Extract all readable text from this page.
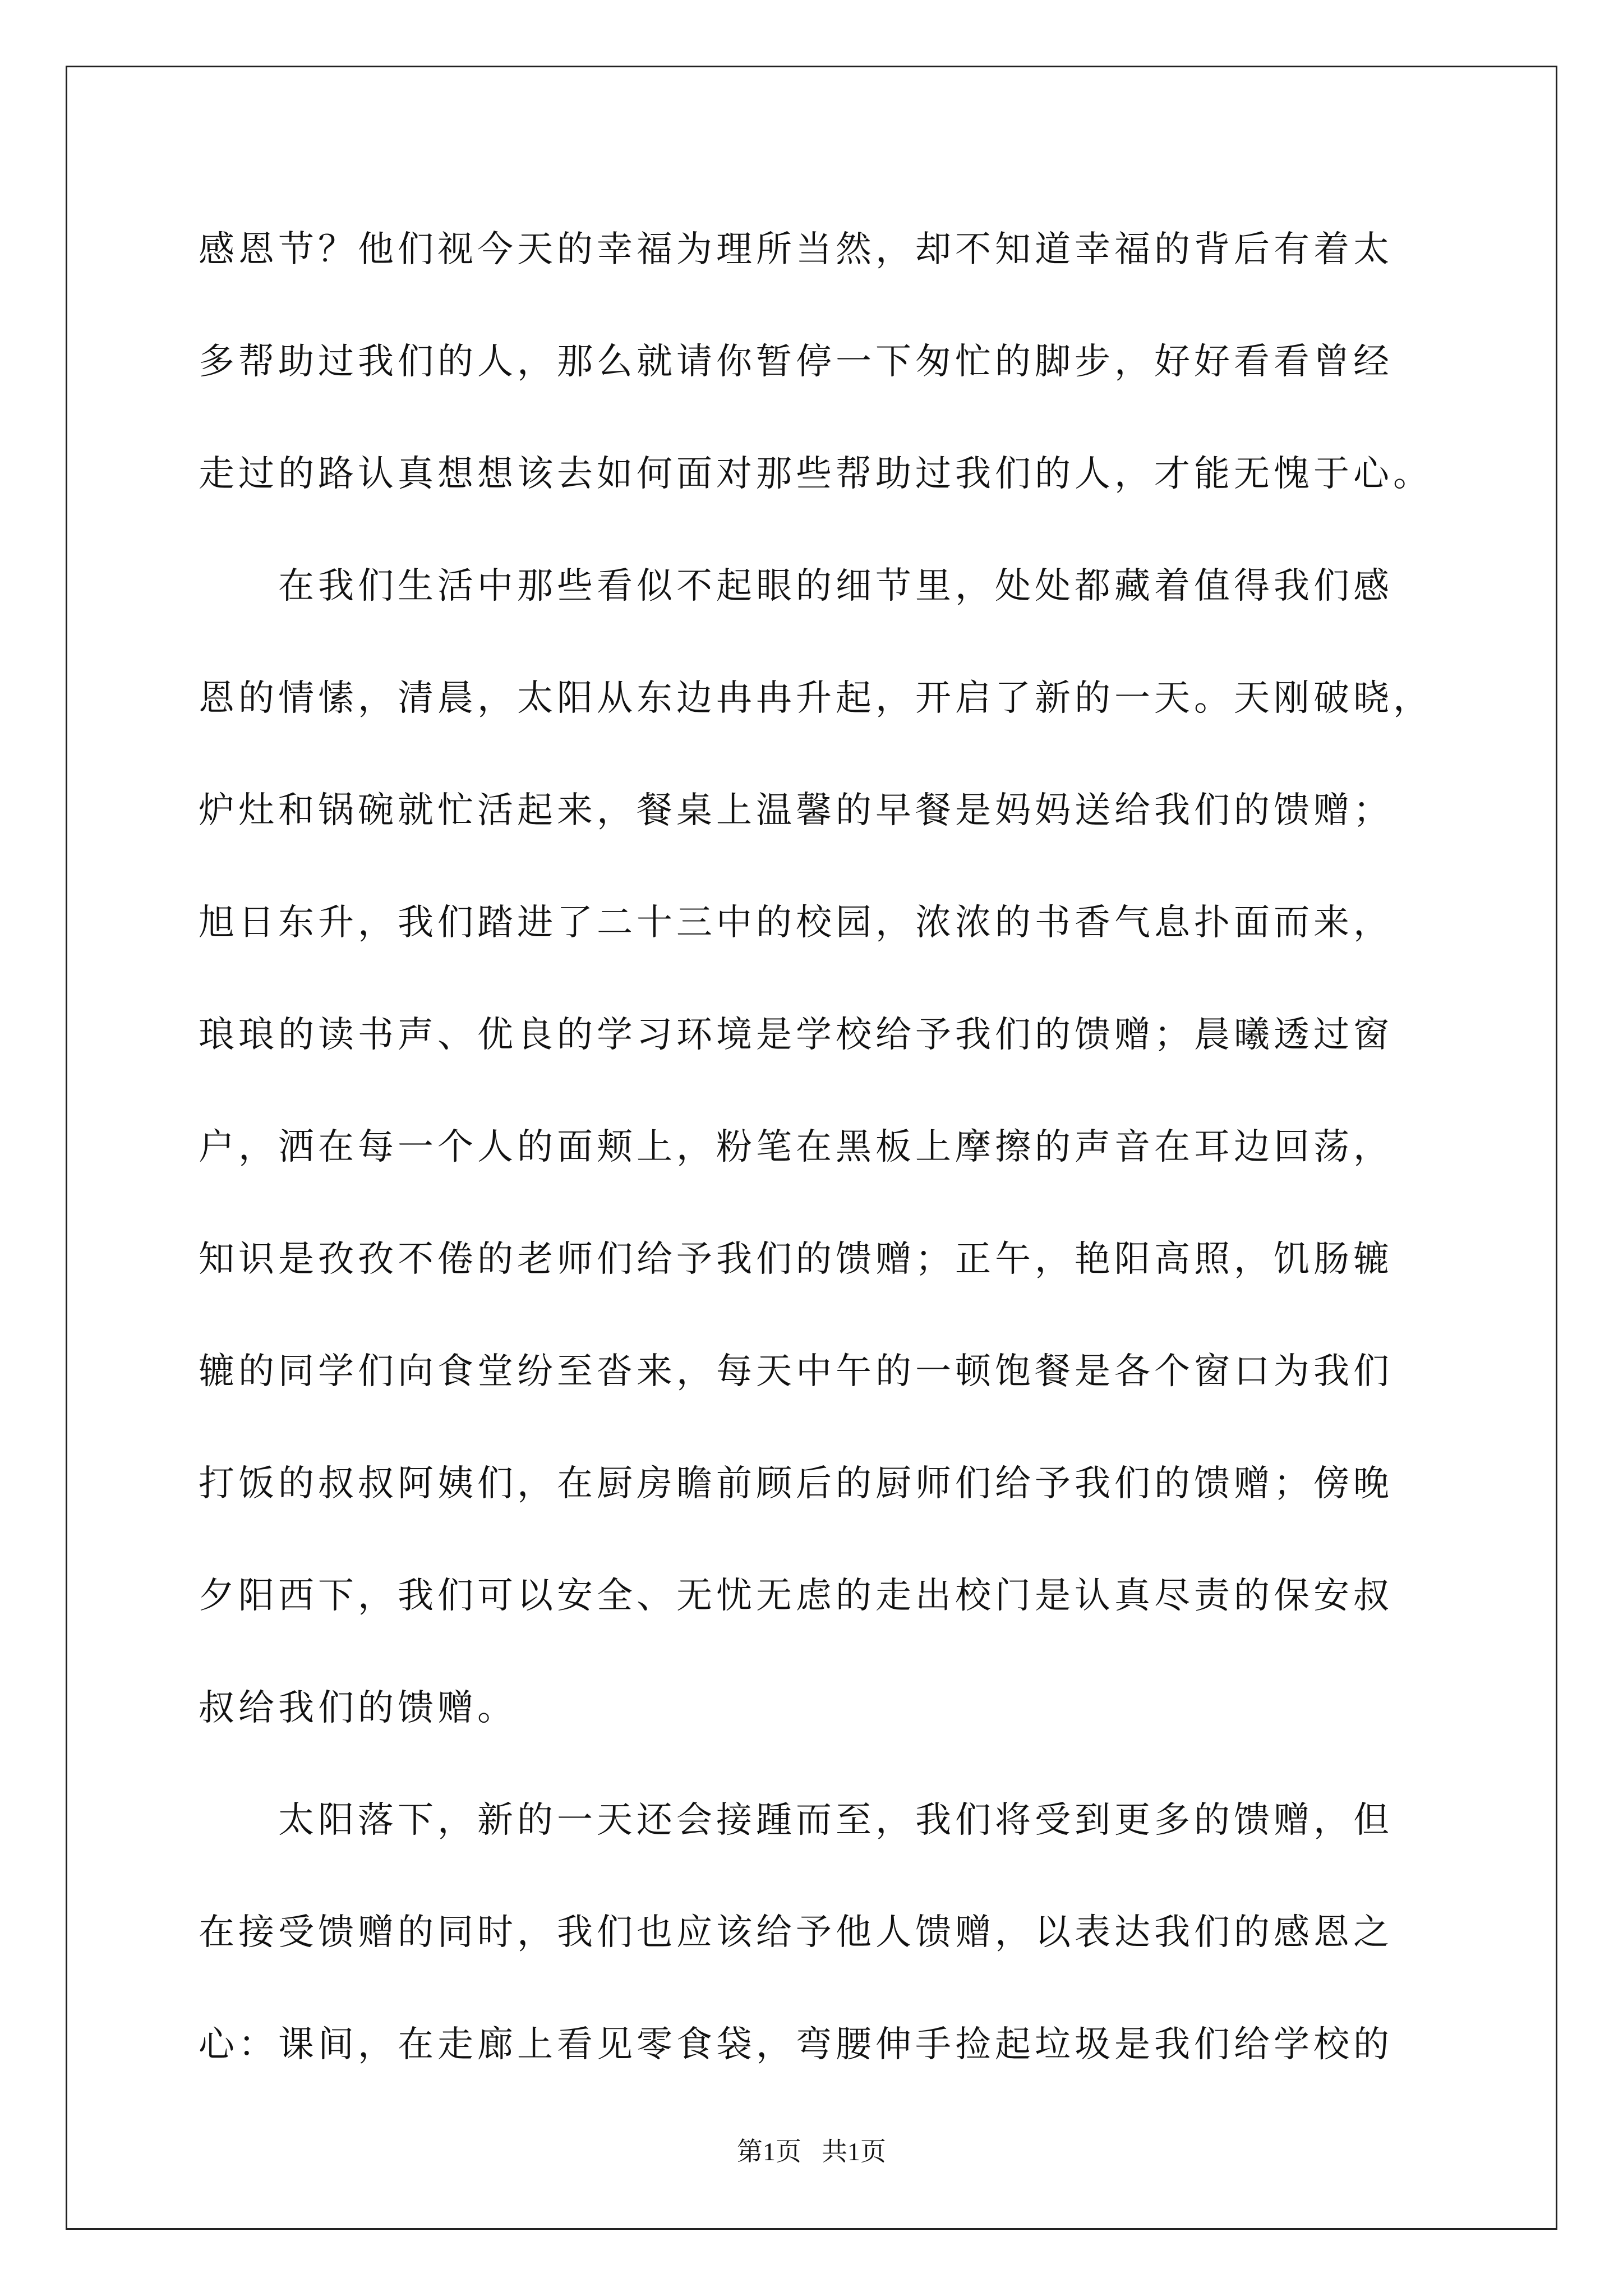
感恩节？他们视今天的幸福为理所当然，却不知道幸福的背后有着太
多帮助过我们的人，那么就请你暂停一下匆忙的脚步，好好看看曾经
走过的路认真想想该去如何面对那些帮助过我们的人，才能无愧于心。
　　在我们生活中那些看似不起眼的细节里，处处都藏着值得我们感
恩的情愫，清晨，太阳从东边冉冉升起，开启了新的一天。天刚破晓，
炉灶和锅碗就忙活起来，餐桌上温馨的早餐是妈妈送给我们的馈赠；
旭日东升，我们踏进了二十三中的校园，浓浓的书香气息扑面而来，
琅琅的读书声、优良的学习环境是学校给予我们的馈赠；晨曦透过窗
户，洒在每一个人的面颊上，粉笔在黑板上摩擦的声音在耳边回荡，
知识是孜孜不倦的老师们给予我们的馈赠；正午，艳阳高照，饥肠辘
辘的同学们向食堂纷至沓来，每天中午的一顿饱餐是各个窗口为我们
打饭的叔叔阿姨们，在厨房瞻前顾后的厨师们给予我们的馈赠；傍晚
夕阳西下，我们可以安全、无忧无虑的走出校门是认真尽责的保安叔
叔给我们的馈赠。
　　太阳落下，新的一天还会接踵而至，我们将受到更多的馈赠，但
在接受馈赠的同时，我们也应该给予他人馈赠，以表达我们的感恩之
心：课间，在走廊上看见零食袋，弯腰伸手捡起垃圾是我们给学校的
第1页 共1页
